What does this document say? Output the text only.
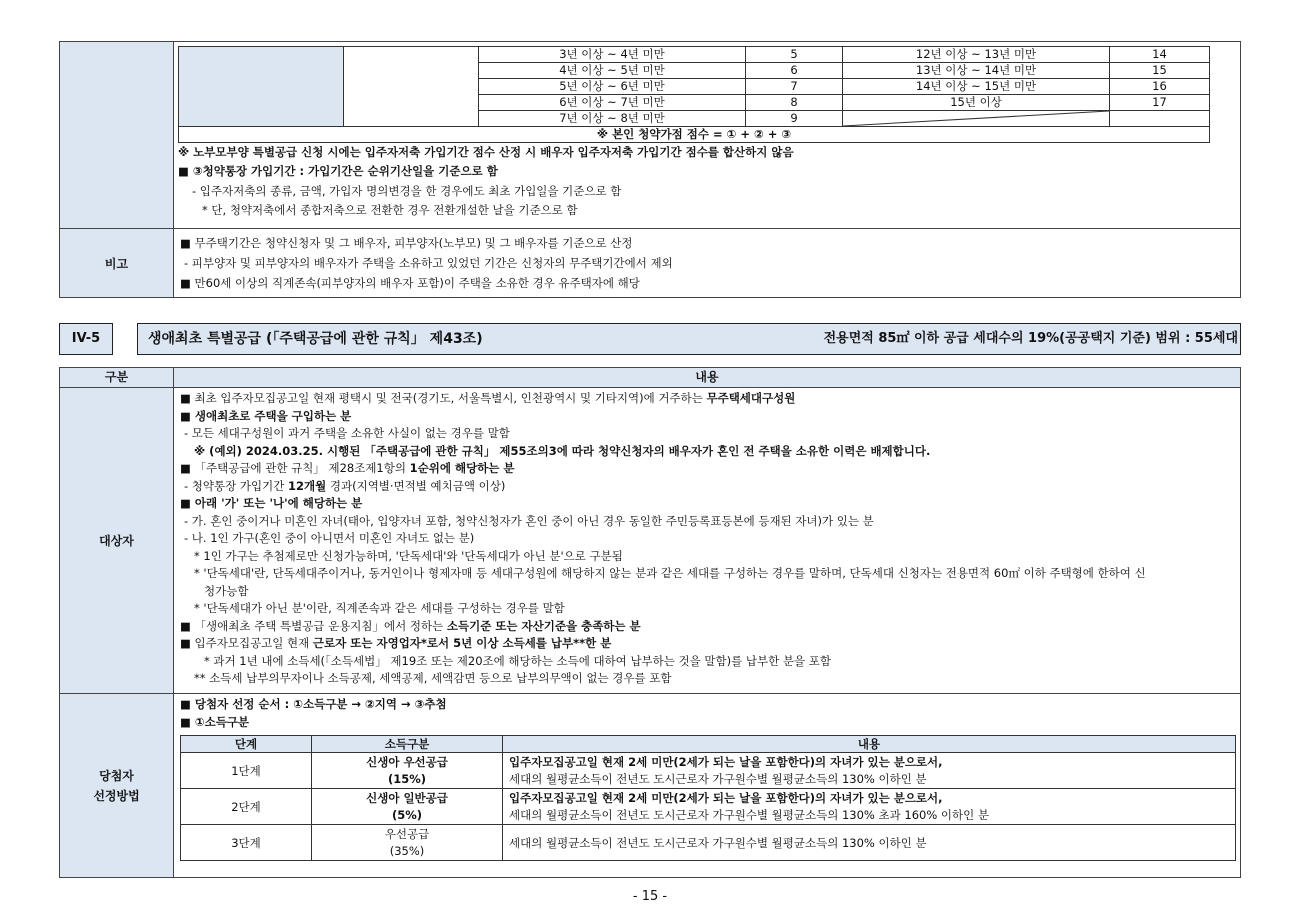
		3년 이상 ~ 4년 미만	5	12년 이상 ~ 13년 미만	14
4년 이상 ~ 5년 미만	6	13년 이상 ~ 14년 미만	15
5년 이상 ~ 6년 미만	7	14년 이상 ~ 15년 미만	16
6년 이상 ~ 7년 미만	8	15년 이상	17
7년 이상 ~ 8년 미만	9	

※ 본인 청약가점 점수 = ① + ② + ③
※ 노부모부양 특별공급 신청 시에는 입주자저축 가입기간 점수 산정 시 배우자 입주자저축 가입기간 점수를 합산하지 않음
■ ③청약통장 가입기간 : 가입기간은 순위기산일을 기준으로 함
- 입주자저축의 종류, 금액, 가입자 명의변경을 한 경우에도 최초 가입일을 기준으로 함
* 단, 청약저축에서 종합저축으로 전환한 경우 전환개설한 날을 기준으로 함

비고	
■ 무주택기간은 청약신청자 및 그 배우자, 피부양자(노부모) 및 그 배우자를 기준으로 산정
- 피부양자 및 피부양자의 배우자가 주택을 소유하고 있었던 기간은 신청자의 무주택기간에서 제외
■ 만60세 이상의 직계존속(피부양자의 배우자 포함)이 주택을 소유한 경우 유주택자에 해당
IV-5	생애최초 특별공급 (「주택공급에 관한 규칙」 제43조)	전용면적 85㎡ 이하 공급 세대수의 19%(공공택지 기준) 범위 : 55세대
구분	내용
대상자	
■ 최초 입주자모집공고일 현재 평택시 및 전국(경기도, 서울특별시, 인천광역시 및 기타지역)에 거주하는 무주택세대구성원
■ 생애최초로 주택을 구입하는 분
- 모든 세대구성원이 과거 주택을 소유한 사실이 없는 경우를 말함
※ (예외) 2024.03.25. 시행된 「주택공급에 관한 규칙」 제55조의3에 따라 청약신청자의 배우자가 혼인 전 주택을 소유한 이력은 배제합니다.
■ 「주택공급에 관한 규칙」 제28조제1항의 1순위에 해당하는 분
- 청약통장 가입기간 12개월 경과(지역별·면적별 예치금액 이상)
■ 아래 '가' 또는 '나'에 해당하는 분
- 가. 혼인 중이거나 미혼인 자녀(태아, 입양자녀 포함, 청약신청자가 혼인 중이 아닌 경우 동일한 주민등록표등본에 등재된 자녀)가 있는 분
- 나. 1인 가구(혼인 중이 아니면서 미혼인 자녀도 없는 분)
* 1인 가구는 추첨제로만 신청가능하며, '단독세대'와 '단독세대가 아닌 분'으로 구분됨
* '단독세대'란, 단독세대주이거나, 동거인이나 형제자매 등 세대구성원에 해당하지 않는 분과 같은 세대를 구성하는 경우를 말하며, 단독세대 신청자는 전용면적 60㎡ 이하 주택형에 한하여 신
청가능함
* '단독세대가 아닌 분'이란, 직계존속과 같은 세대를 구성하는 경우를 말함
■ 「생애최초 주택 특별공급 운용지침」에서 정하는 소득기준 또는 자산기준을 충족하는 분
■ 입주자모집공고일 현재 근로자 또는 자영업자*로서 5년 이상 소득세를 납부**한 분
* 과거 1년 내에 소득세(「소득세법」 제19조 또는 제20조에 해당하는 소득에 대하여 납부하는 것을 말함)를 납부한 분을 포함
** 소득세 납부의무자이나 소득공제, 세액공제, 세액감면 등으로 납부의무액이 없는 경우를 포함

당첨자
선정방법	
■ 당첨자 선정 순서 : ①소득구분 → ②지역 → ③추첨
■ ①소득구분
단계	소득구분	내용
1단계	신생아 우선공급
(15%)	입주자모집공고일 현재 2세 미만(2세가 되는 날을 포함한다)의 자녀가 있는 분으로서,
세대의 월평균소득이 전년도 도시근로자 가구원수별 월평균소득의 130% 이하인 분
2단계	신생아 일반공급
(5%)	입주자모집공고일 현재 2세 미만(2세가 되는 날을 포함한다)의 자녀가 있는 분으로서,
세대의 월평균소득이 전년도 도시근로자 가구원수별 월평균소득의 130% 초과 160% 이하인 분
3단계	우선공급
(35%)	세대의 월평균소득이 전년도 도시근로자 가구원수별 월평균소득의 130% 이하인 분
- 15 -
